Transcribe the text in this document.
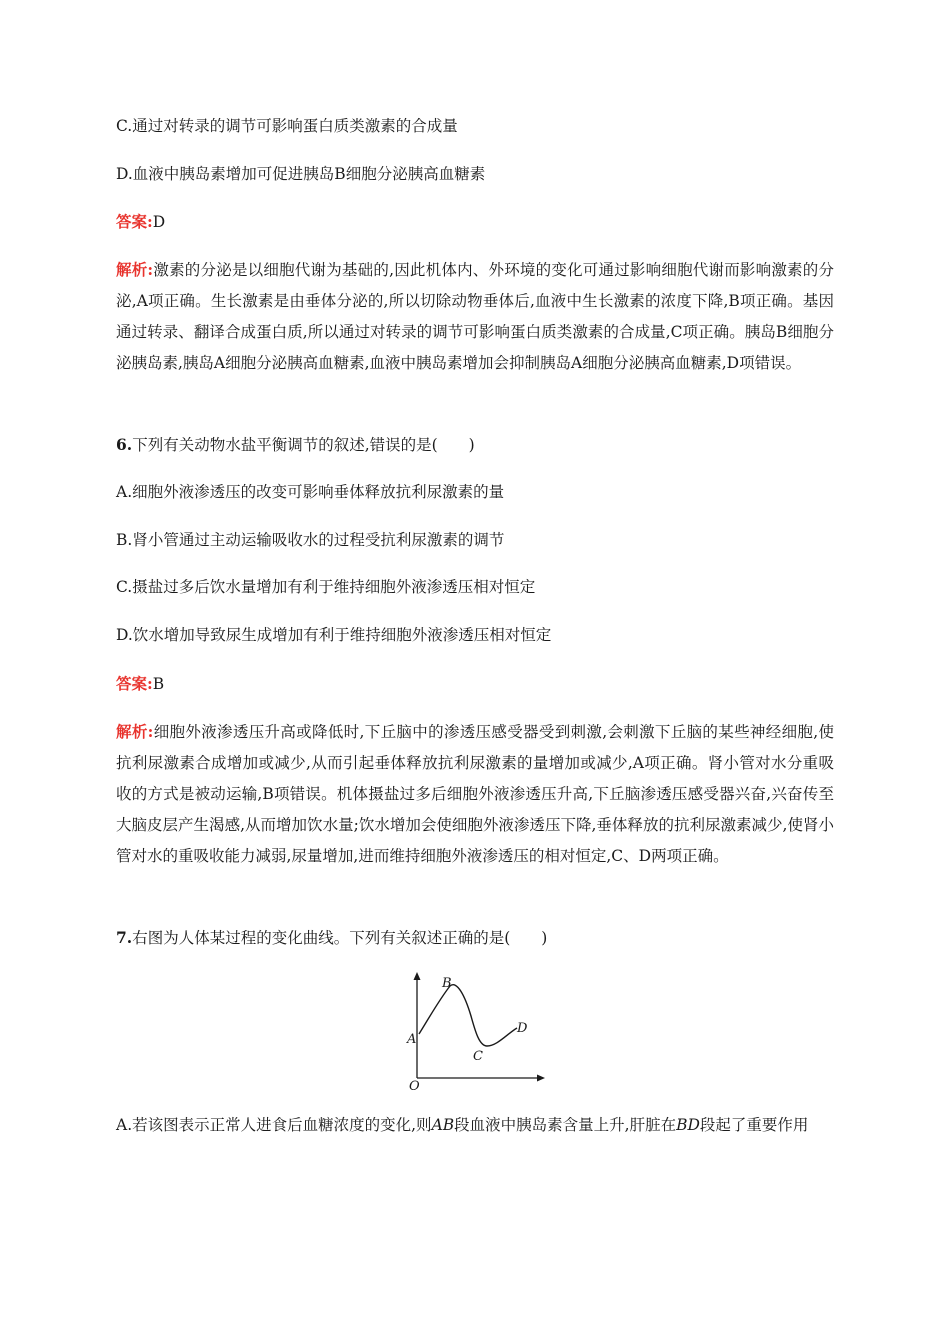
C.通过对转录的调节可影响蛋白质类激素的合成量
D.血液中胰岛素增加可促进胰岛B细胞分泌胰高血糖素
答案:D
解析:激素的分泌是以细胞代谢为基础的,因此机体内、外环境的变化可通过影响细胞代谢而影响激素的分泌,A项正确。生长激素是由垂体分泌的,所以切除动物垂体后,血液中生长激素的浓度下降,B项正确。基因通过转录、翻译合成蛋白质,所以通过对转录的调节可影响蛋白质类激素的合成量,C项正确。胰岛B细胞分泌胰岛素,胰岛A细胞分泌胰高血糖素,血液中胰岛素增加会抑制胰岛A细胞分泌胰高血糖素,D项错误。
6.下列有关动物水盐平衡调节的叙述,错误的是(　　)
A.细胞外液渗透压的改变可影响垂体释放抗利尿激素的量
B.肾小管通过主动运输吸收水的过程受抗利尿激素的调节
C.摄盐过多后饮水量增加有利于维持细胞外液渗透压相对恒定
D.饮水增加导致尿生成增加有利于维持细胞外液渗透压相对恒定
答案:B
解析:细胞外液渗透压升高或降低时,下丘脑中的渗透压感受器受到刺激,会刺激下丘脑的某些神经细胞,使抗利尿激素合成增加或减少,从而引起垂体释放抗利尿激素的量增加或减少,A项正确。肾小管对水分重吸收的方式是被动运输,B项错误。机体摄盐过多后细胞外液渗透压升高,下丘脑渗透压感受器兴奋,兴奋传至大脑皮层产生渴感,从而增加饮水量;饮水增加会使细胞外液渗透压下降,垂体释放的抗利尿激素减少,使肾小管对水的重吸收能力减弱,尿量增加,进而维持细胞外液渗透压的相对恒定,C、D两项正确。
7.右图为人体某过程的变化曲线。下列有关叙述正确的是(　　)
A
B
C
D
O
A.若该图表示正常人进食后血糖浓度的变化,则AB段血液中胰岛素含量上升,肝脏在BD段起了重要作用
